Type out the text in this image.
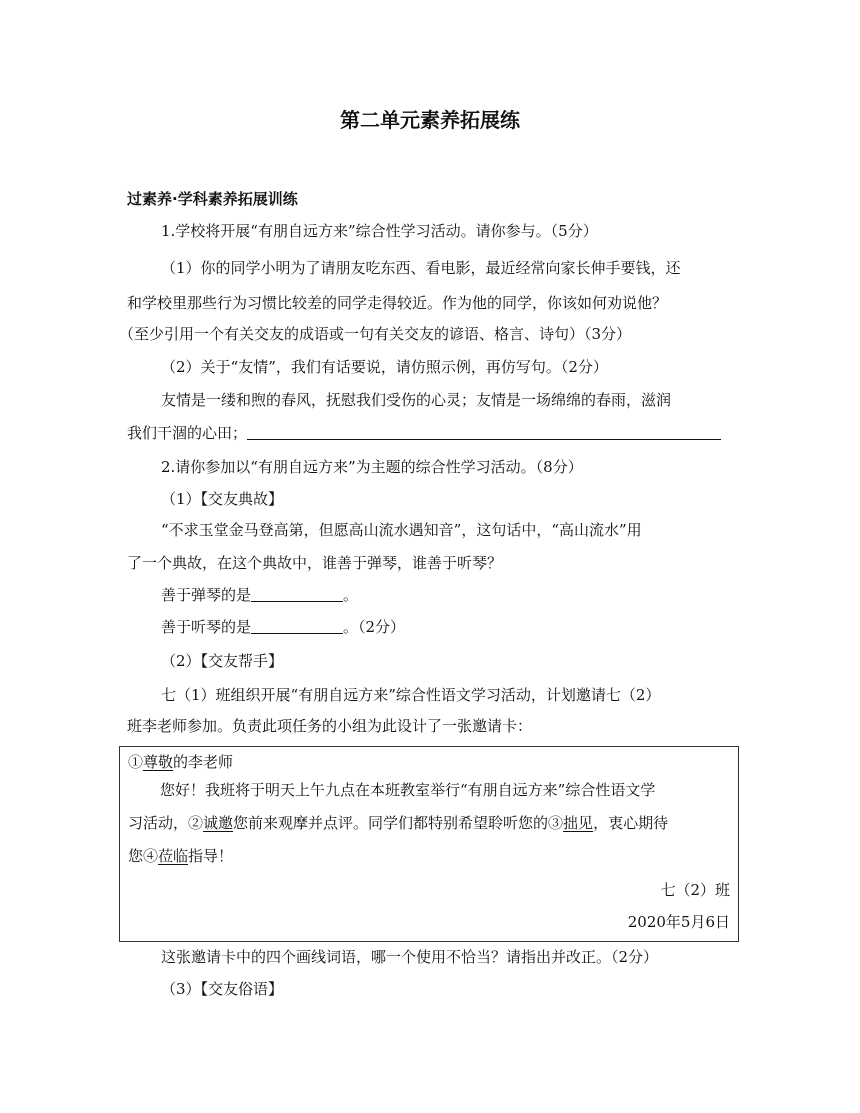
第二单元素养拓展练
过素养·学科素养拓展训练
1.学校将开展“有朋自远方来”综合性学习活动。请你参与。（5分）
（1）你的同学小明为了请朋友吃东西、看电影，最近经常向家长伸手要钱，还
和学校里那些行为习惯比较差的同学走得较近。作为他的同学，你该如何劝说他？
（至少引用一个有关交友的成语或一句有关交友的谚语、格言、诗句）（3分）
（2）关于“友情”，我们有话要说，请仿照示例，再仿写句。（2分）
友情是一缕和煦的春风，抚慰我们受伤的心灵；友情是一场绵绵的春雨，滋润
我们干涸的心田；
2.请你参加以“有朋自远方来”为主题的综合性学习活动。（8分）
（1）【交友典故】
“不求玉堂金马登高第，但愿高山流水遇知音”，这句话中，“高山流水”用
了一个典故，在这个典故中，谁善于弹琴，谁善于听琴？
善于弹琴的是	。
善于听琴的是	。（2分）
（2）【交友帮手】
七（1）班组织开展“有朋自远方来”综合性语文学习活动，计划邀请七（2）
班李老师参加。负责此项任务的小组为此设计了一张邀请卡：
①尊敬的李老师
您好！我班将于明天上午九点在本班教室举行“有朋自远方来”综合性语文学
习活动，②诚邀您前来观摩并点评。同学们都特别希望聆听您的③拙见，衷心期待
您④莅临指导！
七（2）班
2020年5月6日
这张邀请卡中的四个画线词语，哪一个使用不恰当？请指出并改正。（2分）
（3）【交友俗语】
